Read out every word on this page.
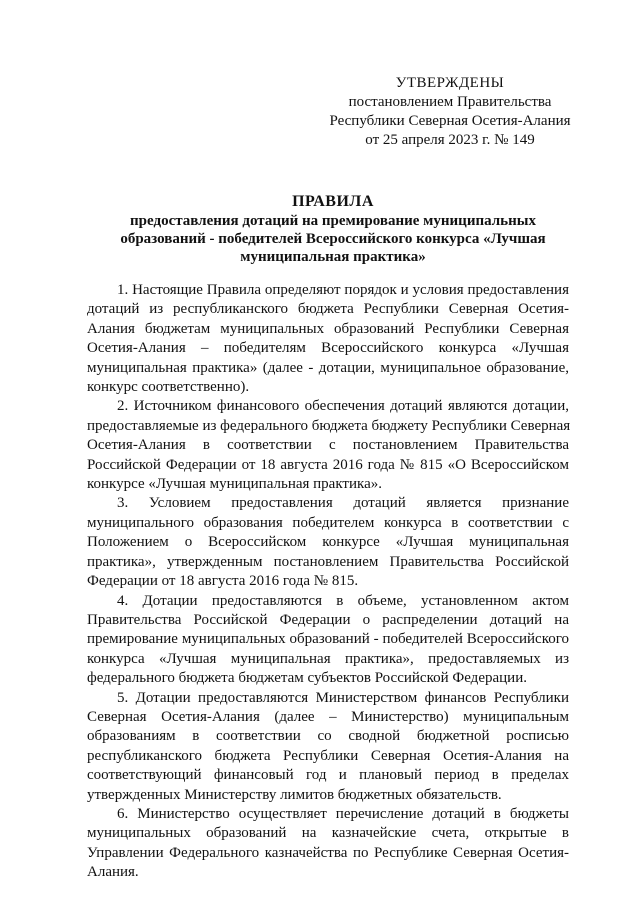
УТВЕРЖДЕНЫ
постановлением Правительства
Республики Северная Осетия-Алания
от 25 апреля 2023 г. № 149
ПРАВИЛА
предоставления дотаций на премирование муниципальных
образований - победителей Всероссийского конкурса «Лучшая
муниципальная практика»
1. Настоящие Правила определяют порядок и условия предоставления
дотаций из республиканского бюджета Республики Северная Осетия-
Алания бюджетам муниципальных образований Республики Северная
Осетия-Алания – победителям Всероссийского конкурса «Лучшая
муниципальная практика» (далее - дотации, муниципальное образование,
конкурс соответственно).
2. Источником финансового обеспечения дотаций являются дотации,
предоставляемые из федерального бюджета бюджету Республики Северная
Осетия-Алания в соответствии с постановлением Правительства
Российской Федерации от 18 августа 2016 года № 815 «О Всероссийском
конкурсе «Лучшая муниципальная практика».
3. Условием предоставления дотаций является признание
муниципального образования победителем конкурса в соответствии с
Положением о Всероссийском конкурсе «Лучшая муниципальная
практика», утвержденным постановлением Правительства Российской
Федерации от 18 августа 2016 года № 815.
4. Дотации предоставляются в объеме, установленном актом
Правительства Российской Федерации о распределении дотаций на
премирование муниципальных образований - победителей Всероссийского
конкурса «Лучшая муниципальная практика», предоставляемых из
федерального бюджета бюджетам субъектов Российской Федерации.
5. Дотации предоставляются Министерством финансов Республики
Северная Осетия-Алания (далее – Министерство) муниципальным
образованиям в соответствии со сводной бюджетной росписью
республиканского бюджета Республики Северная Осетия-Алания на
соответствующий финансовый год и плановый период в пределах
утвержденных Министерству лимитов бюджетных обязательств.
6. Министерство осуществляет перечисление дотаций в бюджеты
муниципальных образований на казначейские счета, открытые в
Управлении Федерального казначейства по Республике Северная Осетия-
Алания.
